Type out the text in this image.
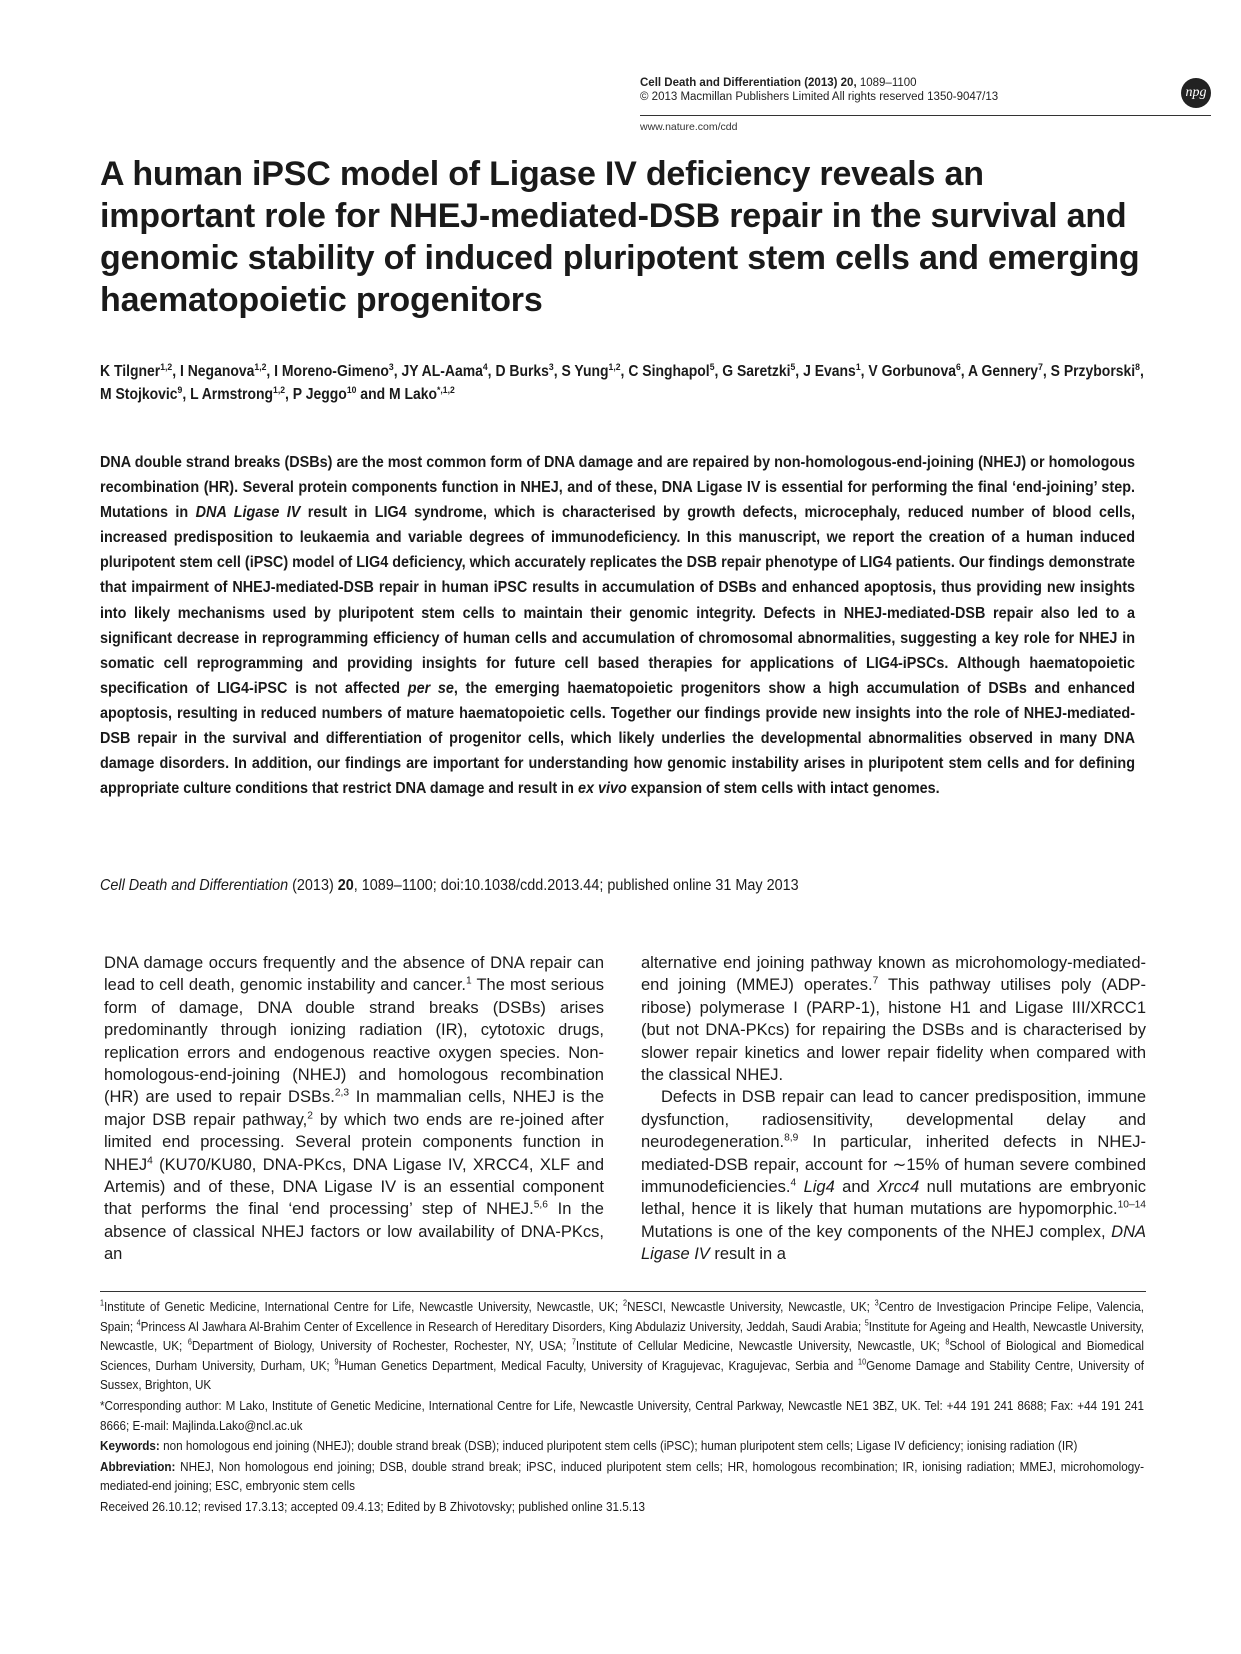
Cell Death and Differentiation (2013) 20, 1089–1100
© 2013 Macmillan Publishers Limited All rights reserved 1350-9047/13	npg
www.nature.com/cdd
A human iPSC model of Ligase IV deficiency reveals an important role for NHEJ-mediated-DSB repair in the survival and genomic stability of induced pluripotent stem cells and emerging haematopoietic progenitors
K Tilgner$^{1,2}$, I Neganova$^{1,2}$, I Moreno-Gimeno$^3$, JY AL-Aama$^4$, D Burks$^3$, S Yung$^{1,2}$, C Singhapol$^5$, G Saretzki$^5$, J Evans$^1$, V Gorbunova$^6$, A Gennery$^7$, S Przyborski$^8$, M Stojkovic$^9$, L Armstrong$^{1,2}$, P Jeggo$^{10}$ and M Lako$^{*,1,2}$

DNA double strand breaks (DSBs) are the most common form of DNA damage and are repaired by non-homologous-end-joining (NHEJ) or homologous recombination (HR). Several protein components function in NHEJ, and of these, DNA Ligase IV is essential for performing the final ‘end-joining’ step. Mutations in DNA Ligase IV result in LIG4 syndrome, which is characterised by growth defects, microcephaly, reduced number of blood cells, increased predisposition to leukaemia and variable degrees of immunodeficiency. In this manuscript, we report the creation of a human induced pluripotent stem cell (iPSC) model of LIG4 deficiency, which accurately replicates the DSB repair phenotype of LIG4 patients. Our findings demonstrate that impairment of NHEJ-mediated-DSB repair in human iPSC results in accumulation of DSBs and enhanced apoptosis, thus providing new insights into likely mechanisms used by pluripotent stem cells to maintain their genomic integrity. Defects in NHEJ-mediated-DSB repair also led to a significant decrease in reprogramming efficiency of human cells and accumulation of chromosomal abnormalities, suggesting a key role for NHEJ in somatic cell reprogramming and providing insights for future cell based therapies for applications of LIG4-iPSCs. Although haematopoietic specification of LIG4-iPSC is not affected per se, the emerging haematopoietic progenitors show a high accumulation of DSBs and enhanced apoptosis, resulting in reduced numbers of mature haematopoietic cells. Together our findings provide new insights into the role of NHEJ-mediated-DSB repair in the survival and differentiation of progenitor cells, which likely underlies the developmental abnormalities observed in many DNA damage disorders. In addition, our findings are important for understanding how genomic instability arises in pluripotent stem cells and for defining appropriate culture conditions that restrict DNA damage and result in ex vivo expansion of stem cells with intact genomes.

Cell Death and Differentiation (2013) 20, 1089–1100; doi:10.1038/cdd.2013.44; published online 31 May 2013

DNA damage occurs frequently and the absence of DNA repair can lead to cell death, genomic instability and cancer.$^1$ The most serious form of damage, DNA double strand breaks (DSBs) arises predominantly through ionizing radiation (IR), cytotoxic drugs, replication errors and endogenous reactive oxygen species. Non-homologous-end-joining (NHEJ) and homologous recombination (HR) are used to repair DSBs.$^{2,3}$ In mammalian cells, NHEJ is the major DSB repair pathway,$^2$ by which two ends are re-joined after limited end processing. Several protein components function in NHEJ$^4$ (KU70/KU80, DNA-PKcs, DNA Ligase IV, XRCC4, XLF and Artemis) and of these, DNA Ligase IV is an essential component that performs the final ‘end processing’ step of NHEJ.$^{5,6}$ In the absence of classical NHEJ factors or low availability of DNA-PKcs, an

alternative end joining pathway known as microhomology-mediated-end joining (MMEJ) operates.$^7$ This pathway utilises poly (ADP-ribose) polymerase I (PARP-1), histone H1 and Ligase III/XRCC1 (but not DNA-PKcs) for repairing the DSBs and is characterised by slower repair kinetics and lower repair fidelity when compared with the classical NHEJ.

Defects in DSB repair can lead to cancer predisposition, immune dysfunction, radiosensitivity, developmental delay and neurodegeneration.$^{8,9}$ In particular, inherited defects in NHEJ-mediated-DSB repair, account for ∼15% of human severe combined immunodeficiencies.$^4$ Lig4 and Xrcc4 null mutations are embryonic lethal, hence it is likely that human mutations are hypomorphic.$^{10-14}$ Mutations is one of the key components of the NHEJ complex, DNA Ligase IV result in a

$^1$Institute of Genetic Medicine, International Centre for Life, Newcastle University, Newcastle, UK; $^2$NESCI, Newcastle University, Newcastle, UK; $^3$Centro de Investigacion Principe Felipe, Valencia, Spain; $^4$Princess Al Jawhara Al-Brahim Center of Excellence in Research of Hereditary Disorders, King Abdulaziz University, Jeddah, Saudi Arabia; $^5$Institute for Ageing and Health, Newcastle University, Newcastle, UK; $^6$Department of Biology, University of Rochester, Rochester, NY, USA; $^7$Institute of Cellular Medicine, Newcastle University, Newcastle, UK; $^8$School of Biological and Biomedical Sciences, Durham University, Durham, UK; $^9$Human Genetics Department, Medical Faculty, University of Kragujevac, Kragujevac, Serbia and $^{10}$Genome Damage and Stability Centre, University of Sussex, Brighton, UK

*Corresponding author: M Lako, Institute of Genetic Medicine, International Centre for Life, Newcastle University, Central Parkway, Newcastle NE1 3BZ, UK. Tel: +44 191 241 8688; Fax: +44 191 241 8666; E-mail: Majlinda.Lako@ncl.ac.uk

Keywords: non homologous end joining (NHEJ); double strand break (DSB); induced pluripotent stem cells (iPSC); human pluripotent stem cells; Ligase IV deficiency; ionising radiation (IR)

Abbreviation: NHEJ, Non homologous end joining; DSB, double strand break; iPSC, induced pluripotent stem cells; HR, homologous recombination; IR, ionising radiation; MMEJ, microhomology-mediated-end joining; ESC, embryonic stem cells

Received 26.10.12; revised 17.3.13; accepted 09.4.13; Edited by B Zhivotovsky; published online 31.5.13
